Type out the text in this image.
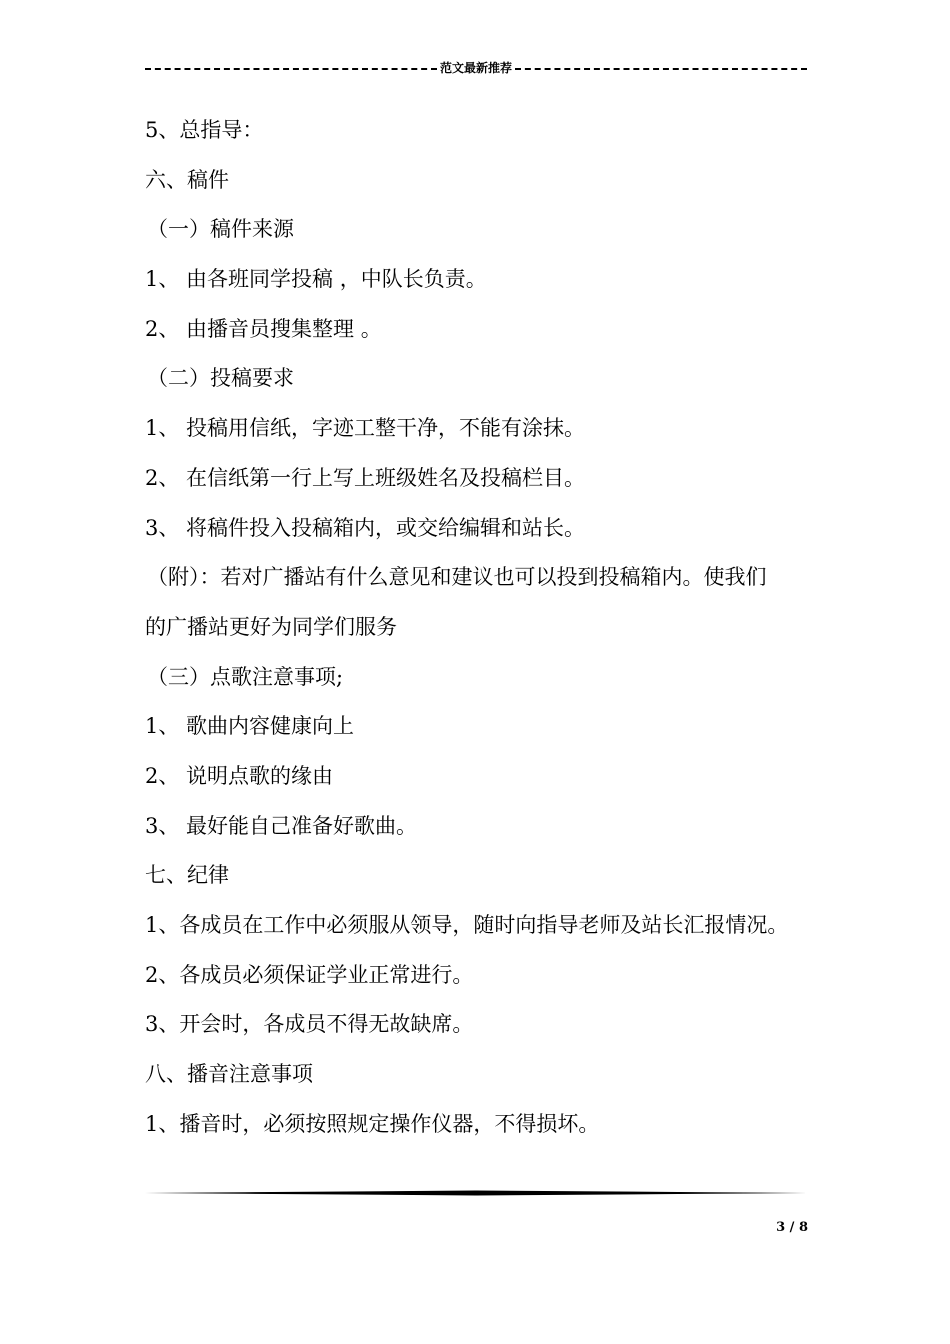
范文最新推荐

5、总指导：

六、稿件

（一）稿件来源

1、 由各班同学投稿 ，中队长负责。

2、 由播音员搜集整理 。

（二）投稿要求

1、 投稿用信纸，字迹工整干净，不能有涂抹。

2、 在信纸第一行上写上班级姓名及投稿栏目。

3、 将稿件投入投稿箱内，或交给编辑和站长。

（附）：若对广播站有什么意见和建议也可以投到投稿箱内。使我们

的广播站更好为同学们服务

（三）点歌注意事项;

1、 歌曲内容健康向上

2、 说明点歌的缘由

3、 最好能自己准备好歌曲。

七、纪律

1、各成员在工作中必须服从领导，随时向指导老师及站长汇报情况。

2、各成员必须保证学业正常进行。

3、开会时，各成员不得无故缺席。

八、播音注意事项

1、播音时，必须按照规定操作仪器，不得损坏。

3 / 8
